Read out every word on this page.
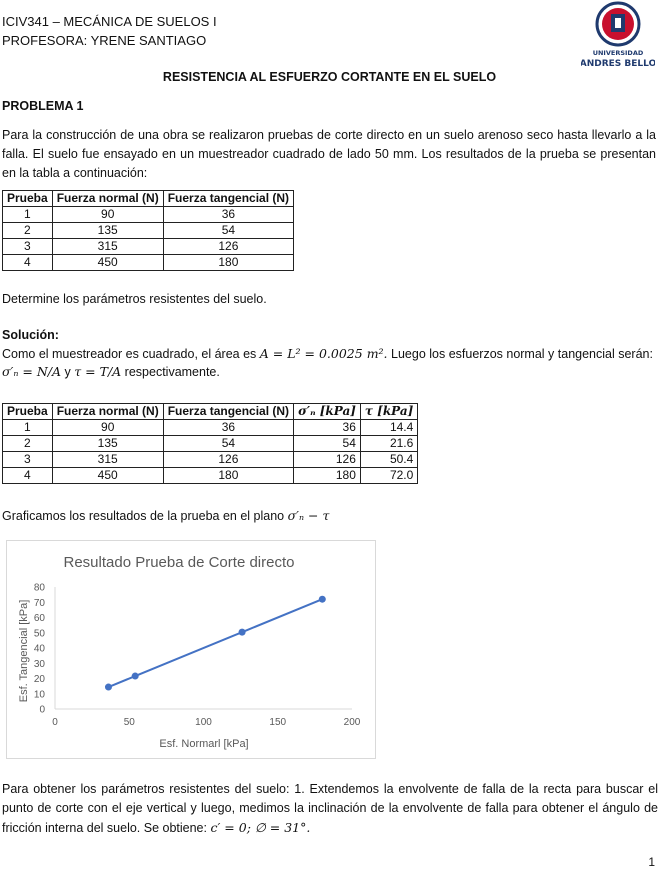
ICIV341 – MECÁNICA DE SUELOS I
PROFESORA: YRENE SANTIAGO
UNIVERSIDAD
ANDRES BELLO
RESISTENCIA AL ESFUERZO CORTANTE EN EL SUELO
PROBLEMA 1
Para la construcción de una obra se realizaron pruebas de corte directo en un suelo arenoso seco hasta llevarlo a la falla. El suelo fue ensayado en un muestreador cuadrado de lado 50 mm. Los resultados de la prueba se presentan en la tabla a continuación:
Prueba	Fuerza normal (N)	Fuerza tangencial (N)
1	90	36
2	135	54
3	315	126
4	450	180
Determine los parámetros resistentes del suelo.
Solución:
Como el muestreador es cuadrado, el área es A = L² = 0.0025 m². Luego los esfuerzos normal y tangencial serán:
σ′ₙ = N/A y τ = T/A respectivamente.
Prueba	Fuerza normal (N)	Fuerza tangencial (N)	σ′ₙ [kPa]	τ [kPa]
1	90	36	36	14.4
2	135	54	54	21.6
3	315	126	126	50.4
4	450	180	180	72.0
Graficamos los resultados de la prueba en el plano σ′ₙ − τ
Resultado Prueba de Corte directo
Esf. Tangencial [kPa]
Esf. Normarl [kPa]
0
10
20
30
40
50
60
70
80
0	50	100	150	200
Para obtener los parámetros resistentes del suelo: 1. Extendemos la envolvente de falla de la recta para buscar el punto de corte con el eje vertical y luego, medimos la inclinación de la envolvente de falla para obtener el ángulo de fricción interna del suelo. Se obtiene: c′ = 0; ∅ = 31°.
1
